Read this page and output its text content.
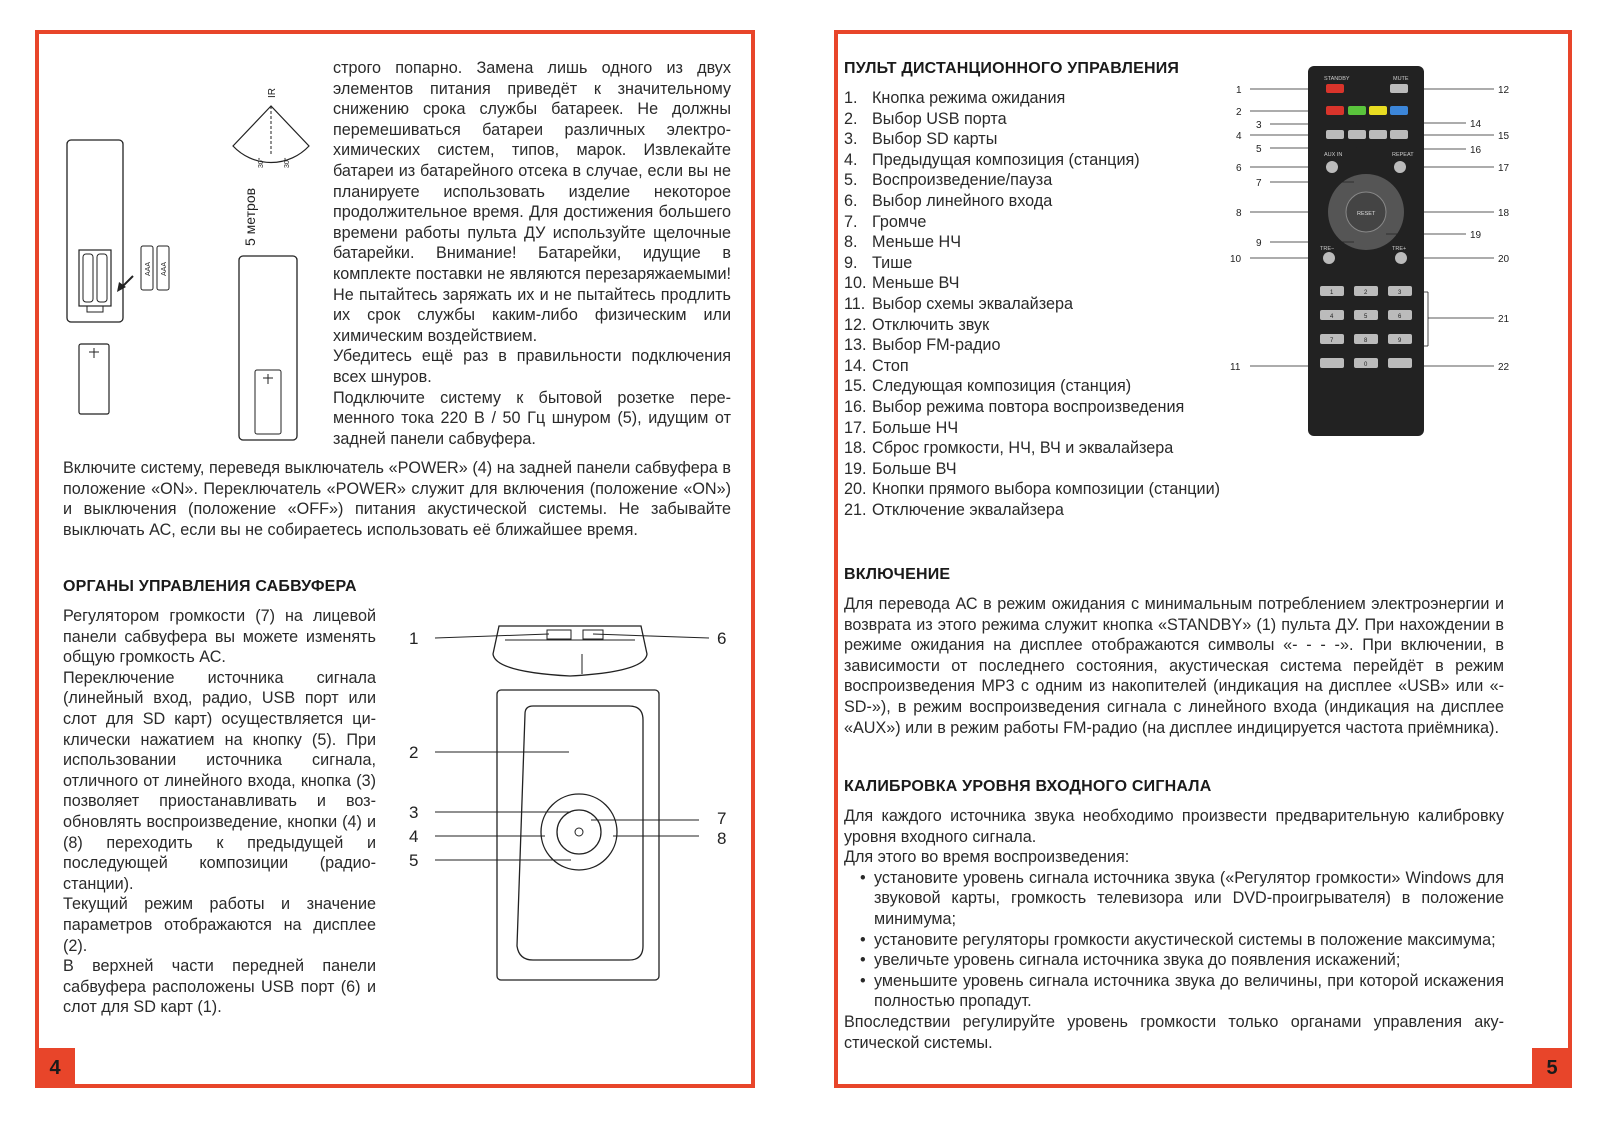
AAA AAA
IR
30°	30°
5 метров

строго попарно. Замена лишь одного из двух элементов питания приведёт к значительному снижению срока службы батареек. Не должны перемешиваться батареи различных электрохимических систем, типов, марок. Извлекайте батареи из батарейного отсека в случае, если вы не планируете использовать изделие некоторое продолжительное время. Для достижения большего времени работы пульта ДУ используйте щелочные батарейки. Внимание! Батарейки, идущие в комплекте поставки не являются перезаряжаемыми! Не пытайтесь заряжать их и не пытайтесь продлить их срок службы каким-либо физическим или химическим воздействием.

Убедитесь ещё раз в правильности подключения всех шнуров.

Подключите систему к бытовой розетке переменного тока 220 В / 50 Гц шнуром (5), идущим от задней панели сабвуфера.

Включите систему, переведя выключатель «POWER» (4) на задней панели сабвуфера в положение «ON». Переключатель «POWER» служит для включения (положение «ON») и выключения (положение «OFF») питания акустической системы. Не забывайте выключать АС, если вы не собираетесь использовать её ближайшее время.
ОРГАНЫ УПРАВЛЕНИЯ САБВУФЕРА

Регулятором громкости (7) на лицевой панели сабвуфера вы можете изменять общую громкость АС.

Переключение источника сигнала (линейный вход, радио, USB порт или слот для SD карт) осуществляется циклически нажатием на кнопку (5). При использовании источника сигнала, отличного от линейного входа, кнопка (3) позволяет приостанавливать и возобновлять воспроизведение, кнопки (4) и (8) переходить к предыдущей и последующей композиции (радиостанции).

Текущий режим работы и значение параметров отображаются на дисплее (2).

В верхней части передней панели сабвуфера расположены USB порт (6) и слот для SD карт (1).

1	6
2
3
4
5
7
8
4
ПУЛЬТ ДИСТАНЦИОННОГО УПРАВЛЕНИЯ
1. Кнопка режима ожидания
2. Выбор USB порта
3. Выбор SD карты
4. Предыдущая композиция (станция)
5. Воспроизведение/пауза
6. Выбор линейного входа
7. Громче
8. Меньше НЧ
9. Тише
10. Меньше ВЧ
11. Выбор схемы эквалайзера
12. Отключить звук
13. Выбор FM-радио
14. Стоп
15. Следующая композиция (станция)
16. Выбор режима повтора воспроизведения
17. Больше НЧ
18. Сброс громкости, НЧ, ВЧ и эквалайзера
19. Больше ВЧ
20. Кнопки прямого выбора композиции (станции)
21. Отключение эквалайзера
STANDBY	MUTE
AUX IN	REPEAT
RESET
TRE−	TRE+
1	2	3
4	5	6
7	8	9
0
1
2
3
4
5
6
7
8
9
10
11
12
14
15
16
17
18
19
20
21
22
ВКЛЮЧЕНИЕ
Для перевода АС в режим ожидания с минимальным потреблением электроэнергии и возврата из этого режима служит кнопка «STANDBY» (1) пульта ДУ. При нахождении в режиме ожидания на дисплее отображаются символы «- - - -». При включении, в зависимости от последнего состояния, акустическая система перейдёт в режим воспроизведения MP3 с одним из накопителей (индикация на дисплее «USB» или «-SD-»), в режим воспроизведения сигнала с линейного входа (индикация на дисплее «AUX») или в режим работы FM-радио (на дисплее индицируется частота приёмника).
КАЛИБРОВКА УРОВНЯ ВХОДНОГО СИГНАЛА

Для каждого источника звука необходимо произвести предварительную калибровку уровня входного сигнала.

Для этого во время воспроизведения:

• установите уровень сигнала источника звука («Регулятор громкости» Windows для звуковой карты, громкость телевизора или DVD-проигрывателя) в положение минимума;
• установите регуляторы громкости акустической системы в положение максимума;
• увеличьте уровень сигнала источника звука до появления искажений;
• уменьшите уровень сигнала источника звука до величины, при которой искажения полностью пропадут.

Впоследствии регулируйте уровень громкости только органами управления акустической системы.

5
